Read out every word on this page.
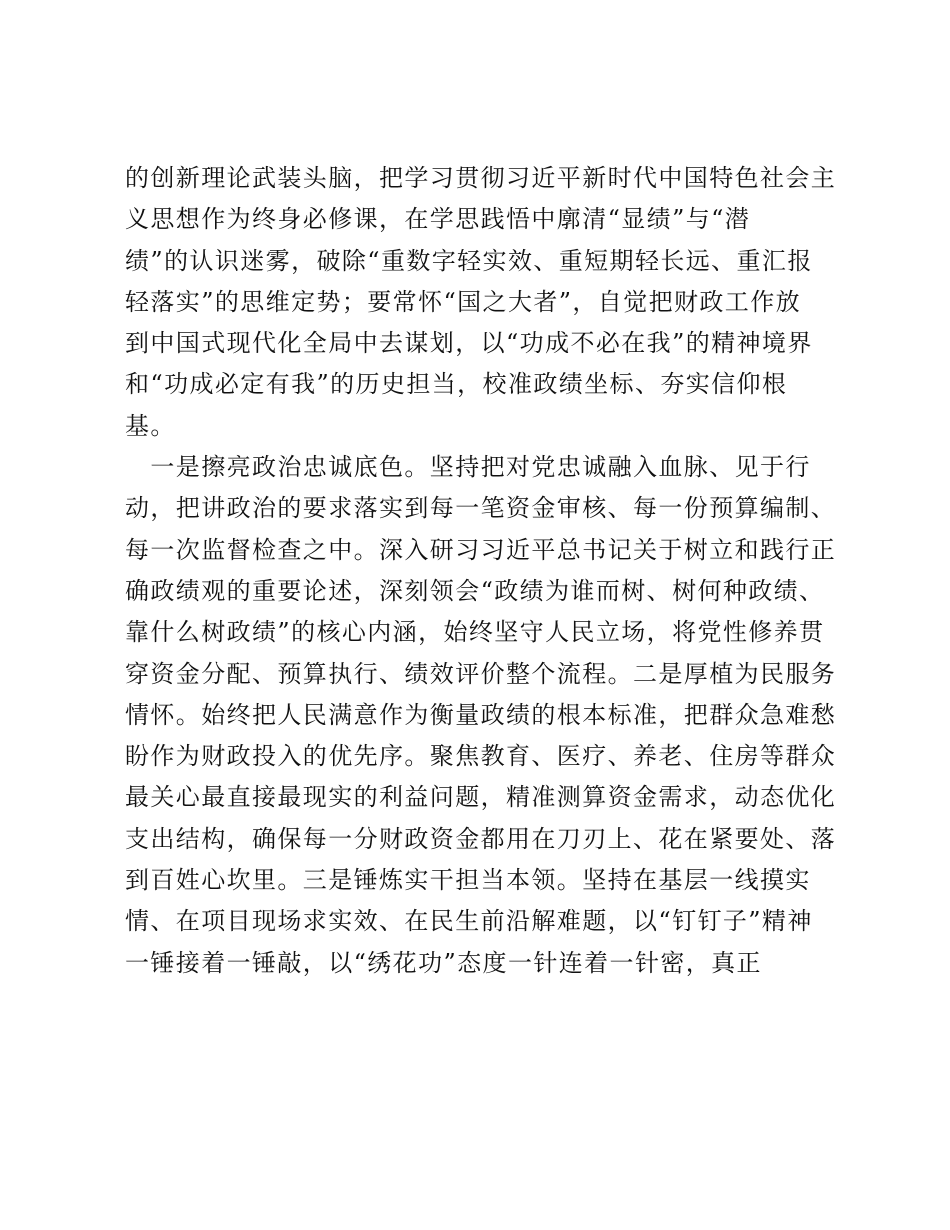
的创新理论武装头脑，把学习贯彻习近平新时代中国特色社会主
义思想作为终身必修课，在学思践悟中廓清“显绩”与“潜
绩”的认识迷雾，破除“重数字轻实效、重短期轻长远、重汇报
轻落实”的思维定势；要常怀“国之大者”，自觉把财政工作放
到中国式现代化全局中去谋划，以“功成不必在我”的精神境界
和“功成必定有我”的历史担当，校准政绩坐标、夯实信仰根
基。
　一是擦亮政治忠诚底色。坚持把对党忠诚融入血脉、见于行
动，把讲政治的要求落实到每一笔资金审核、每一份预算编制、
每一次监督检查之中。深入研习习近平总书记关于树立和践行正
确政绩观的重要论述，深刻领会“政绩为谁而树、树何种政绩、
靠什么树政绩”的核心内涵，始终坚守人民立场，将党性修养贯
穿资金分配、预算执行、绩效评价整个流程。二是厚植为民服务
情怀。始终把人民满意作为衡量政绩的根本标准，把群众急难愁
盼作为财政投入的优先序。聚焦教育、医疗、养老、住房等群众
最关心最直接最现实的利益问题，精准测算资金需求，动态优化
支出结构，确保每一分财政资金都用在刀刃上、花在紧要处、落
到百姓心坎里。三是锤炼实干担当本领。坚持在基层一线摸实
情、在项目现场求实效、在民生前沿解难题，以“钉钉子”精神
一锤接着一锤敲，以“绣花功”态度一针连着一针密，真正
